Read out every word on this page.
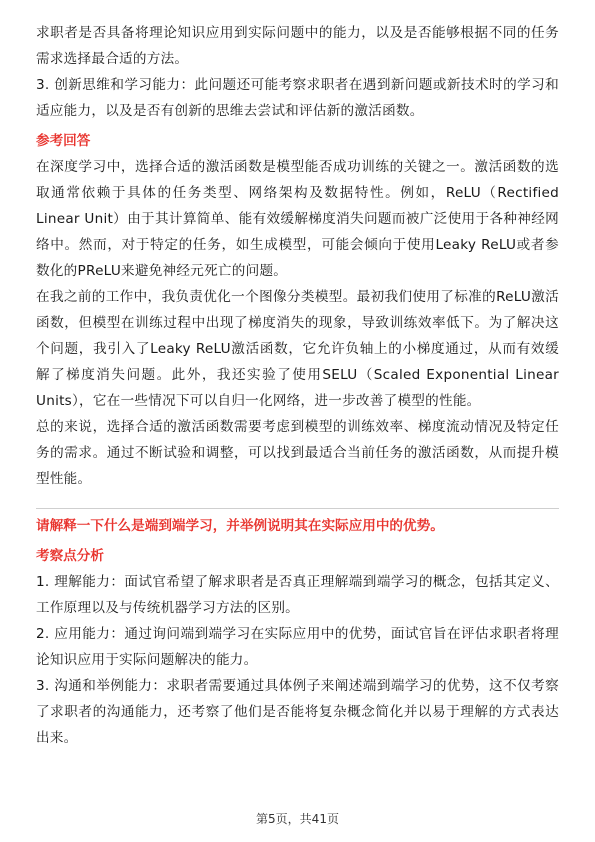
求职者是否具备将理论知识应用到实际问题中的能力，以及是否能够根据不同的任务需求选择最合适的方法。

3. 创新思维和学习能力：此问题还可能考察求职者在遇到新问题或新技术时的学习和适应能力，以及是否有创新的思维去尝试和评估新的激活函数。

参考回答

在深度学习中，选择合适的激活函数是模型能否成功训练的关键之一。激活函数的选取通常依赖于具体的任务类型、网络架构及数据特性。例如，ReLU（Rectified Linear Unit）由于其计算简单、能有效缓解梯度消失问题而被广泛使用于各种神经网络中。然而，对于特定的任务，如生成模型，可能会倾向于使用Leaky ReLU或者参数化的PReLU来避免神经元死亡的问题。

在我之前的工作中，我负责优化一个图像分类模型。最初我们使用了标准的ReLU激活函数，但模型在训练过程中出现了梯度消失的现象，导致训练效率低下。为了解决这个问题，我引入了Leaky ReLU激活函数，它允许负轴上的小梯度通过，从而有效缓解了梯度消失问题。此外，我还实验了使用SELU（Scaled Exponential Linear Units），它在一些情况下可以自归一化网络，进一步改善了模型的性能。

总的来说，选择合适的激活函数需要考虑到模型的训练效率、梯度流动情况及特定任务的需求。通过不断试验和调整，可以找到最适合当前任务的激活函数，从而提升模型性能。

请解释一下什么是端到端学习，并举例说明其在实际应用中的优势。

考察点分析

1. 理解能力：面试官希望了解求职者是否真正理解端到端学习的概念，包括其定义、工作原理以及与传统机器学习方法的区别。

2. 应用能力：通过询问端到端学习在实际应用中的优势，面试官旨在评估求职者将理论知识应用于实际问题解决的能力。

3. 沟通和举例能力：求职者需要通过具体例子来阐述端到端学习的优势，这不仅考察了求职者的沟通能力，还考察了他们是否能将复杂概念简化并以易于理解的方式表达出来。

第5页，共41页
